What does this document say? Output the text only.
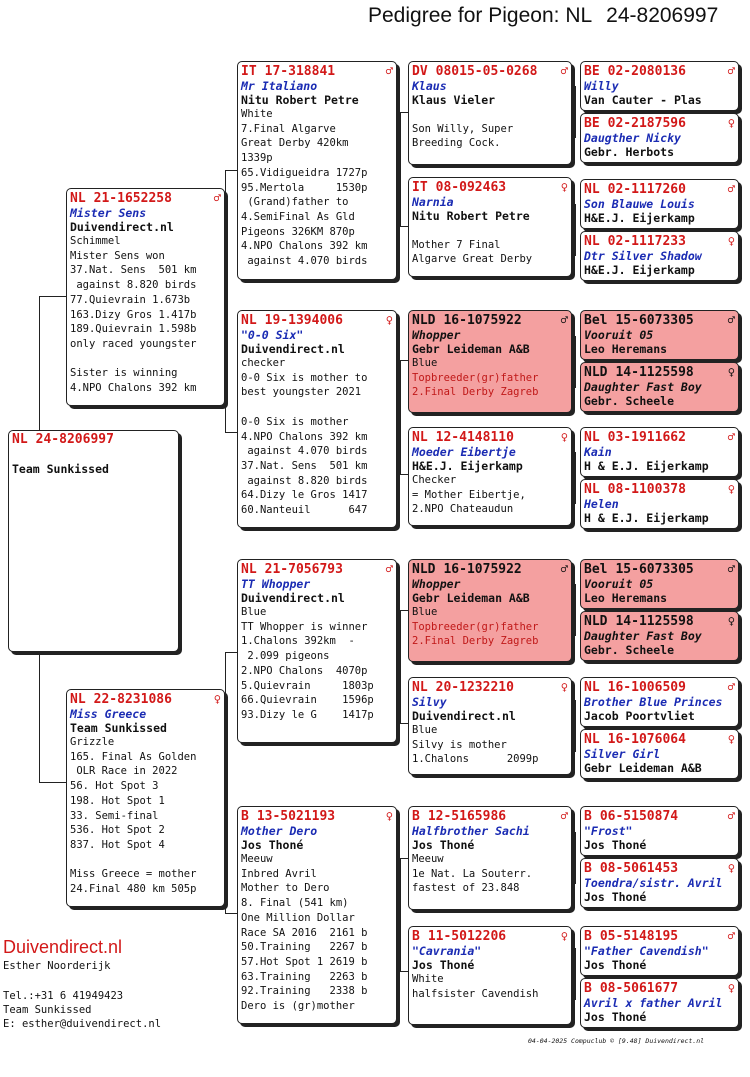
Pedigree for Pigeon: NL 24-8206997
NL 24-8206997
Team Sunkissed
NL 21-1652258	♂
Mister Sens
Duivendirect.nl
Schimmel
Mister Sens won
37.Nat. Sens  501 km
against 8.820 birds
77.Quievrain 1.673b
163.Dizy Gros 1.417b
189.Quievrain 1.598b
only raced youngster
Sister is winning
4.NPO Chalons 392 km
NL 22-8231086	♀
Miss Greece
Team Sunkissed
Grizzle
165. Final As Golden
OLR Race in 2022
56. Hot Spot 3
198. Hot Spot 1
33. Semi-final
536. Hot Spot 2
837. Hot Spot 4
Miss Greece = mother
24.Final 480 km 505p
IT 17-318841	♂
Mr Italiano
Nitu Robert Petre
White
7.Final Algarve
Great Derby 420km
1339p
65.Vidigueidra 1727p
95.Mertola     1530p
(Grand)father to
4.SemiFinal As Gld
Pigeons 326KM 870p
4.NPO Chalons 392 km
against 4.070 birds
NL 19-1394006	♀
"0-0 Six"
Duivendirect.nl
checker
0-0 Six is mother to
best youngster 2021
0-0 Six is mother
4.NPO Chalons 392 km
against 4.070 birds
37.Nat. Sens  501 km
against 8.820 birds
64.Dizy le Gros 1417
60.Nanteuil      647
NL 21-7056793	♂
TT Whopper
Duivendirect.nl
Blue
TT Whopper is winner
1.Chalons 392km  -
2.099 pigeons
2.NPO Chalons  4070p
5.Quievrain     1803p
66.Quievrain    1596p
93.Dizy le G    1417p
B 13-5021193	♀
Mother Dero
Jos Thoné
Meeuw
Inbred Avril
Mother to Dero
8. Final (541 km)
One Million Dollar
Race SA 2016  2161 b
50.Training   2267 b
57.Hot Spot 1 2619 b
63.Training   2263 b
92.Training   2338 b
Dero is (gr)mother
DV 08015-05-0268 ♂
Klaus
Klaus Vieler
Son Willy, Super
Breeding Cock.
IT 08-092463	♀
Narnia
Nitu Robert Petre
Mother 7 Final
Algarve Great Derby
NLD 16-1075922	♂
Whopper
Gebr Leideman A&B
Blue
Topbreeder(gr)father
2.Final Derby Zagreb
NL 12-4148110	♀
Moeder Eibertje
H&E.J. Eijerkamp
Checker
= Mother Eibertje,
2.NPO Chateaudun
NLD 16-1075922	♂
Whopper
Gebr Leideman A&B
Blue
Topbreeder(gr)father
2.Final Derby Zagreb
NL 20-1232210	♀
Silvy
Duivendirect.nl
Blue
Silvy is mother
1.Chalons      2099p
B 12-5165986	♂
Halfbrother Sachi
Jos Thoné
Meeuw
1e Nat. La Souterr.
fastest of 23.848
B 11-5012206	♀
"Cavrania"
Jos Thoné
White
halfsister Cavendish
BE 02-2080136	♂
Willy
Van Cauter - Plas
BE 02-2187596	♀
Daugther Nicky
Gebr. Herbots
NL 02-1117260	♂
Son Blauwe Louis
H&E.J. Eijerkamp
NL 02-1117233	♀
Dtr Silver Shadow
H&E.J. Eijerkamp
Bel 15-6073305	♂
Vooruit 05
Leo Heremans
NLD 14-1125598	♀
Daughter Fast Boy
Gebr. Scheele
NL 03-1911662	♂
Kain
H & E.J. Eijerkamp
NL 08-1100378	♀
Helen
H & E.J. Eijerkamp
Bel 15-6073305	♂
Vooruit 05
Leo Heremans
NLD 14-1125598	♀
Daughter Fast Boy
Gebr. Scheele
NL 16-1006509	♂
Brother Blue Princes
Jacob Poortvliet
NL 16-1076064	♀
Silver Girl
Gebr Leideman A&B
B 06-5150874	♂
"Frost"
Jos Thoné
B 08-5061453	♀
Toendra/sistr. Avril
Jos Thoné
B 05-5148195	♂
"Father Cavendish"
Jos Thoné
B 08-5061677	♀
Avril x father Avril
Jos Thoné
Duivendirect.nl
Esther Noorderijk
Tel.:+31 6 41949423
Team Sunkissed
E: esther@duivendirect.nl
04-04-2025 Compuclub © [9.48] Duivendirect.nl
